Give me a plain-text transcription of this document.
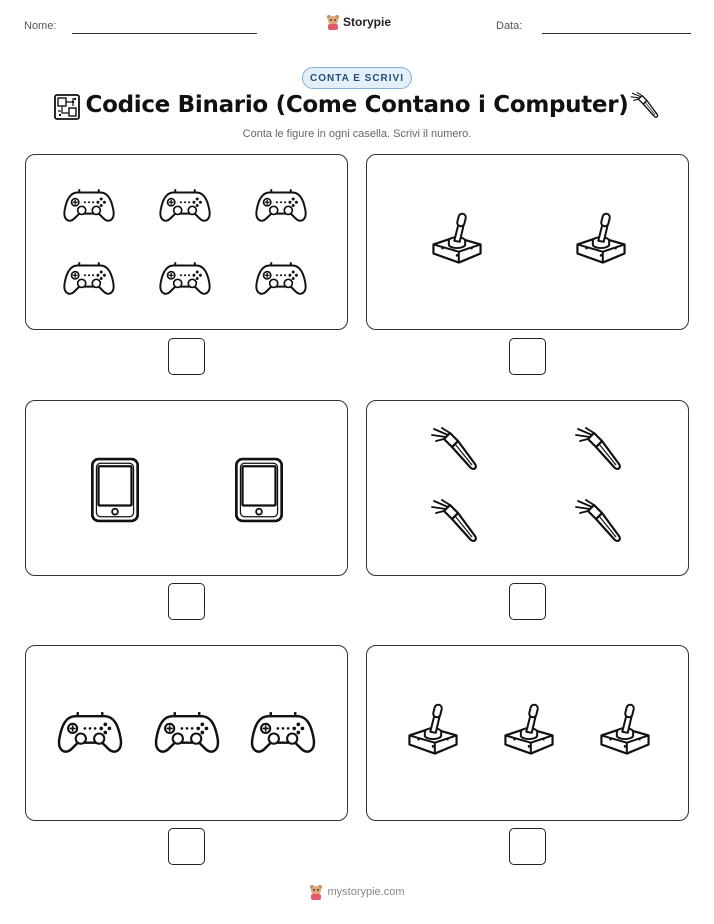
Nome:	Storypie	Data:
CONTA E SCRIVI
Codice Binario (Come Contano i Computer)
Conta le figure in ogni casella. Scrivi il numero.
mystorypie.com
